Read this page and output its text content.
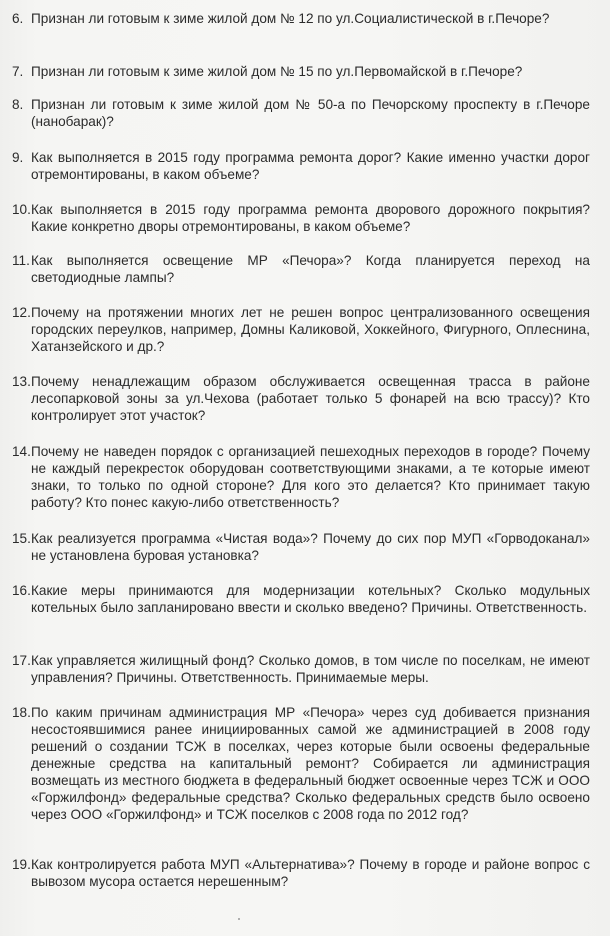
6. Признан ли готовым к зиме жилой дом № 12 по ул.Социалистической в г.Печоре?
7. Признан ли готовым к зиме жилой дом № 15 по ул.Первомайской в г.Печоре?
8. Признан ли готовым к зиме жилой дом № 50-а по Печорскому проспекту в г.Печоре (нанобарак)?
9. Как выполняется в 2015 году программа ремонта дорог? Какие именно участки дорог отремонтированы, в каком объеме?
10. Как выполняется в 2015 году программа ремонта дворового дорожного покрытия? Какие конкретно дворы отремонтированы, в каком объеме?
11. Как выполняется освещение МР «Печора»? Когда планируется переход на светодиодные лампы?
12. Почему на протяжении многих лет не решен вопрос централизованного освещения городских переулков, например, Домны Каликовой, Хоккейного, Фигурного, Оплеснина, Хатанзейского и др.?
13. Почему ненадлежащим образом обслуживается освещенная трасса в районе лесопарковой зоны за ул.Чехова (работает только 5 фонарей на всю трассу)? Кто контролирует этот участок?
14. Почему не наведен порядок с организацией пешеходных переходов в городе? Почему не каждый перекресток оборудован соответствующими знаками, а те которые имеют знаки, то только по одной стороне? Для кого это делается? Кто принимает такую работу? Кто понес какую-либо ответственность?
15. Как реализуется программа «Чистая вода»? Почему до сих пор МУП «Горводоканал» не установлена буровая установка?
16. Какие меры принимаются для модернизации котельных? Сколько модульных котельных было запланировано ввести и сколько введено? Причины. Ответственность.
17. Как управляется жилищный фонд? Сколько домов, в том числе по поселкам, не имеют управления? Причины. Ответственность. Принимаемые меры.
18. По каким причинам администрация МР «Печора» через суд добивается признания несостоявшимися ранее инициированных самой же администрацией в 2008 году решений о создании ТСЖ в поселках, через которые были освоены федеральные денежные средства на капитальный ремонт? Собирается ли администрация возмещать из местного бюджета в федеральный бюджет освоенные через ТСЖ и ООО «Горжилфонд» федеральные средства? Сколько федеральных средств было освоено через ООО «Горжилфонд» и ТСЖ поселков с 2008 года по 2012 год?
19. Как контролируется работа МУП «Альтернатива»? Почему в городе и районе вопрос с вывозом мусора остается нерешенным?
